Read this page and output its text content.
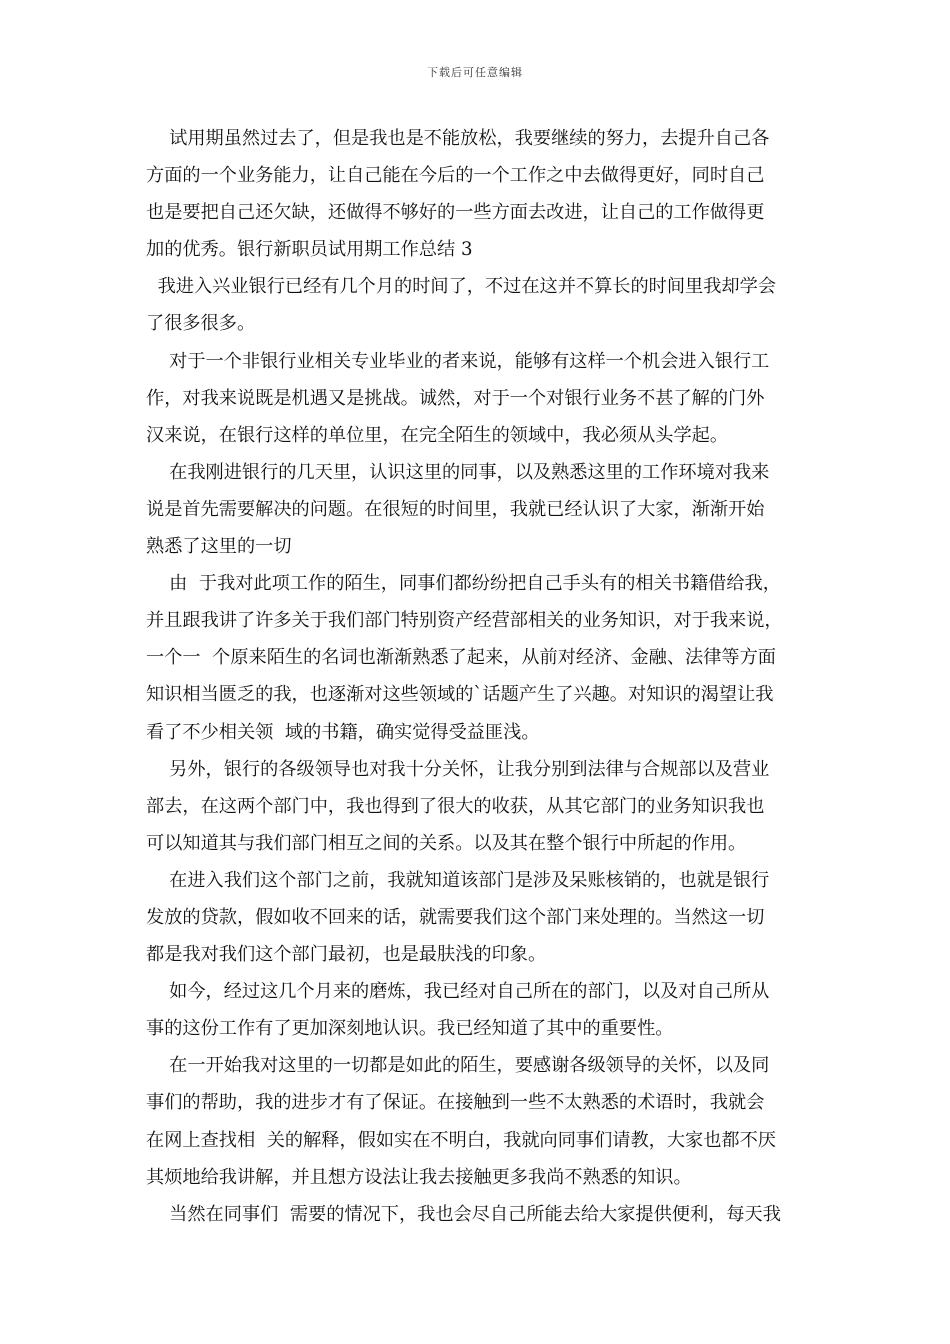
下载后可任意编辑
试用期虽然过去了，但是我也是不能放松，我要继续的努力，去提升自己各
方面的一个业务能力，让自己能在今后的一个工作之中去做得更好，同时自己
也是要把自己还欠缺，还做得不够好的一些方面去改进，让自己的工作做得更
加的优秀。银行新职员试用期工作总结 3
我进入兴业银行已经有几个月的时间了，不过在这并不算长的时间里我却学会
了很多很多。
对于一个非银行业相关专业毕业的者来说，能够有这样一个机会进入银行工
作，对我来说既是机遇又是挑战。诚然，对于一个对银行业务不甚了解的门外
汉来说，在银行这样的单位里，在完全陌生的领域中，我必须从头学起。
在我刚进银行的几天里，认识这里的同事，以及熟悉这里的工作环境对我来
说是首先需要解决的问题。在很短的时间里，我就已经认识了大家，渐渐开始
熟悉了这里的一切
由  于我对此项工作的陌生，同事们都纷纷把自己手头有的相关书籍借给我，
并且跟我讲了许多关于我们部门特别资产经营部相关的业务知识，对于我来说，
一个一  个原来陌生的名词也渐渐熟悉了起来，从前对经济、金融、法律等方面
知识相当匮乏的我，也逐渐对这些领域的`话题产生了兴趣。对知识的渴望让我
看了不少相关领  域的书籍，确实觉得受益匪浅。
另外，银行的各级领导也对我十分关怀，让我分别到法律与合规部以及营业
部去，在这两个部门中，我也得到了很大的收获，从其它部门的业务知识我也
可以知道其与我们部门相互之间的关系。以及其在整个银行中所起的作用。
在进入我们这个部门之前，我就知道该部门是涉及呆账核销的，也就是银行
发放的贷款，假如收不回来的话，就需要我们这个部门来处理的。当然这一切
都是我对我们这个部门最初，也是最肤浅的印象。
如今，经过这几个月来的磨炼，我已经对自己所在的部门，以及对自己所从
事的这份工作有了更加深刻地认识。我已经知道了其中的重要性。
在一开始我对这里的一切都是如此的陌生，要感谢各级领导的关怀，以及同
事们的帮助，我的进步才有了保证。在接触到一些不太熟悉的术语时，我就会
在网上查找相  关的解释，假如实在不明白，我就向同事们请教，大家也都不厌
其烦地给我讲解，并且想方设法让我去接触更多我尚不熟悉的知识。
当然在同事们  需要的情况下，我也会尽自己所能去给大家提供便利，每天我
